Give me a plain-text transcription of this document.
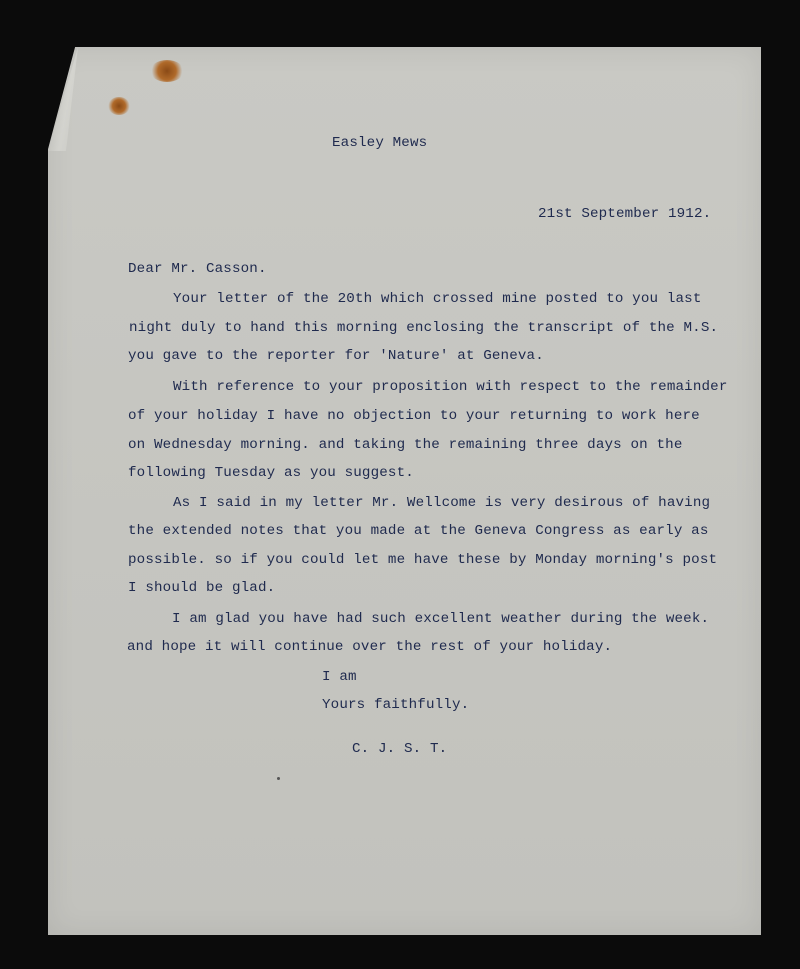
Easley Mews
21st September 1912.
Dear Mr. Casson.
Your letter of the 20th which crossed mine posted to you last
night duly to hand this morning enclosing the transcript of the M.S.
you gave to the reporter for 'Nature' at Geneva.
With reference to your proposition with respect to the remainder
of your holiday I have no objection to your returning to work here
on Wednesday morning. and taking the remaining three days on the
following Tuesday as you suggest.
As I said in my letter Mr. Wellcome is very desirous of having
the extended notes that you made at the Geneva Congress as early as
possible. so if you could let me have these by Monday morning's post
I should be glad.
I am glad you have had such excellent weather during the week.
and hope it will continue over the rest of your holiday.
I am
Yours faithfully.
C. J. S. T.
